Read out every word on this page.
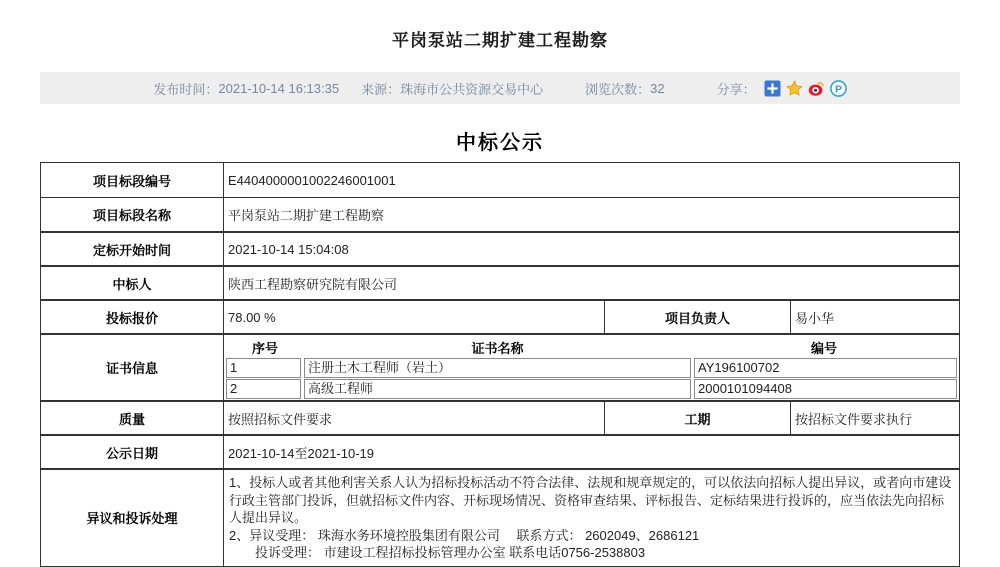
平岗泵站二期扩建工程勘察
发布时间： 2021-10-14 16:13:35 来源： 珠海市公共资源交易中心	浏览次数： 32	分享：	P
中标公示
项目标段编号	E4404000001002246001001
项目标段名称	平岗泵站二期扩建工程勘察
定标开始时间	2021-10-14 15:04:08
中标人	陕西工程勘察研究院有限公司
投标报价	78.00 %	项目负责人	易小华
证书信息
序号	证书名称	编号
1	注册土木工程师（岩土）	AY196100702
2	高级工程师	2000101094408
质量	按照招标文件要求	工期	按招标文件要求执行
公示日期	2021-10-14至2021-10-19
异议和投诉处理
1、投标人或者其他利害关系人认为招标投标活动不符合法律、法规和规章规定的，可以依法向招标人提出异议，或者向市建设行政主管部门投诉，但就招标文件内容、开标现场情况、资格审查结果、评标报告、定标结果进行投诉的，应当依法先向招标人提出异议。
2、异议受理： 珠海水务环境控股集团有限公司　 联系方式： 2602049、2686121
　　投诉受理： 市建设工程招标投标管理办公室 联系电话0756-2538803
